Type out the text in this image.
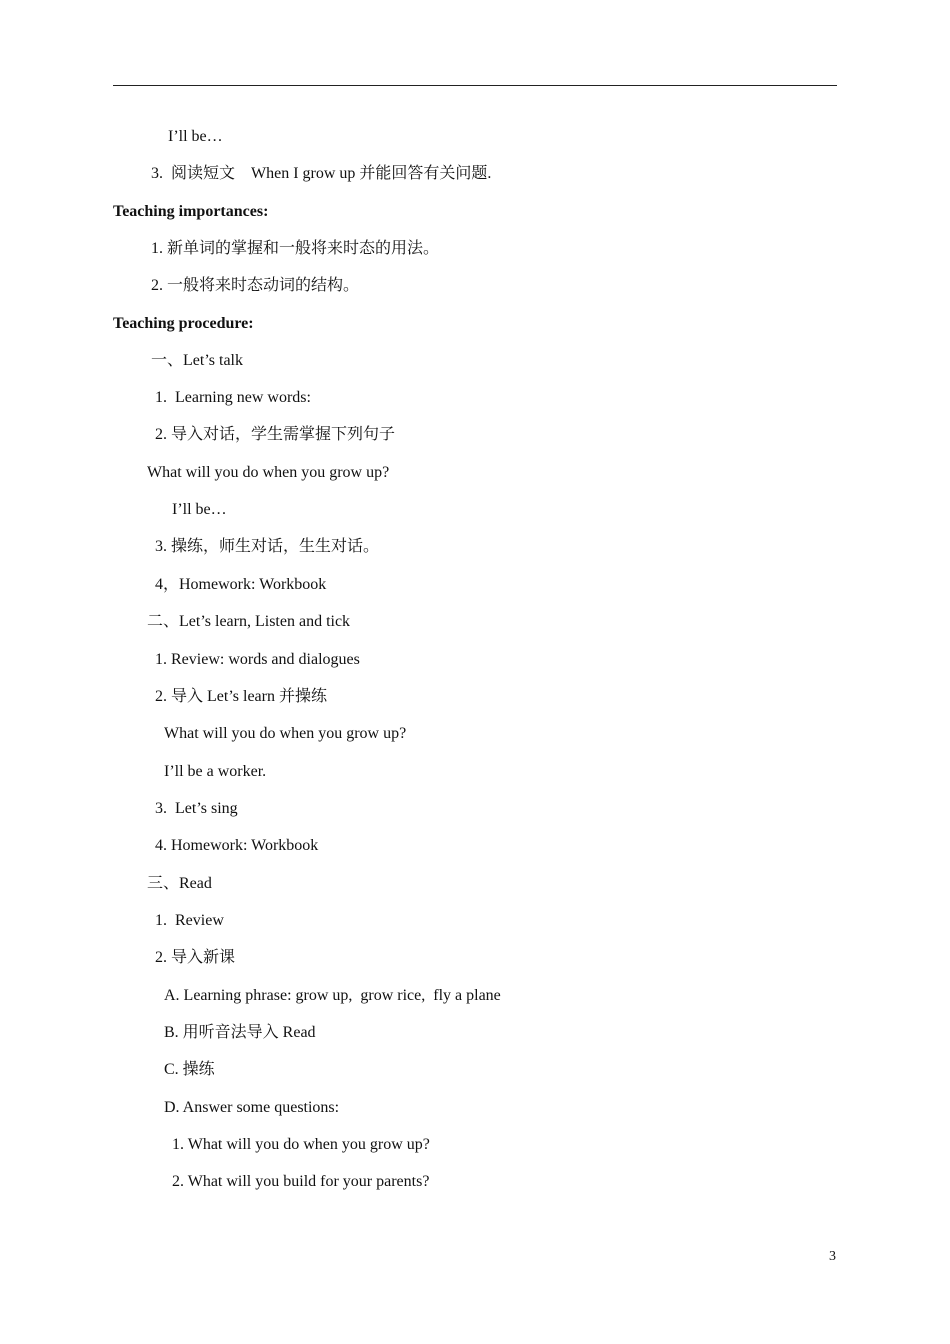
I’ll be…
3.  阅读短文    When I grow up 并能回答有关问题.
Teaching importances:
1. 新单词的掌握和一般将来时态的用法。
2. 一般将来时态动词的结构。
Teaching procedure:
一、Let’s talk
1.  Learning new words:
2. 导入对话，学生需掌握下列句子
What will you do when you grow up?
I’ll be…
3. 操练，师生对话，生生对话。
4，Homework: Workbook
二、Let’s learn, Listen and tick
1. Review: words and dialogues
2. 导入 Let’s learn 并操练
What will you do when you grow up?
I’ll be a worker.
3.  Let’s sing
4. Homework: Workbook
三、Read
1.  Review
2. 导入新课
A. Learning phrase: grow up,  grow rice,  fly a plane
B. 用听音法导入 Read
C. 操练
D. Answer some questions:
1. What will you do when you grow up?
2. What will you build for your parents?
3
